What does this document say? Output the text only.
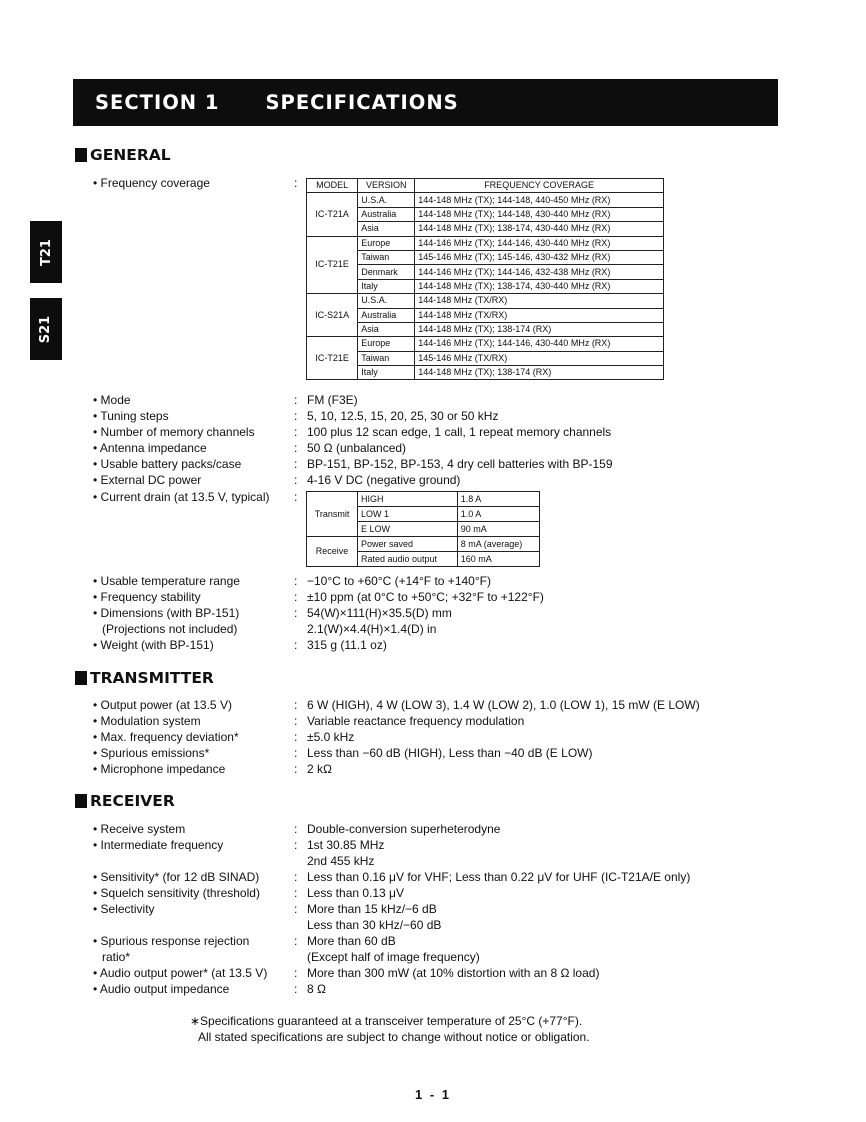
SECTION 1 SPECIFICATIONS
T21
S21
GENERAL
• Frequency coverage	: MODEL	VERSION	FREQUENCY COVERAGE
IC-T21A	U.S.A.	144-148 MHz (TX); 144-148, 440-450 MHz (RX)
	Australia	144-148 MHz (TX); 144-148, 430-440 MHz (RX)
	Asia	144-148 MHz (TX); 138-174, 430-440 MHz (RX)
IC-T21E	Europe	144-146 MHz (TX); 144-146, 430-440 MHz (RX)
	Taiwan	145-146 MHz (TX); 145-146, 430-432 MHz (RX)
	Denmark	144-146 MHz (TX); 144-146, 432-438 MHz (RX)
	Italy	144-148 MHz (TX); 138-174, 430-440 MHz (RX)
IC-S21A	U.S.A.	144-148 MHz (TX/RX)
	Australia	144-148 MHz (TX/RX)
	Asia	144-148 MHz (TX); 138-174 (RX)
IC-T21E	Europe	144-146 MHz (TX); 144-146, 430-440 MHz (RX)
	Taiwan	145-146 MHz (TX/RX)
	Italy	144-148 MHz (TX); 138-174 (RX)
• Mode	: FM (F3E)
• Tuning steps	: 5, 10, 12.5, 15, 20, 25, 30 or 50 kHz
• Number of memory channels	: 100 plus 12 scan edge, 1 call, 1 repeat memory channels
• Antenna impedance	: 50 Ω (unbalanced)
• Usable battery packs/case	: BP-151, BP-152, BP-153, 4 dry cell batteries with BP-159
• External DC power	: 4-16 V DC (negative ground)
• Current drain (at 13.5 V, typical) :
Transmit	HIGH	1.8 A
	LOW 1	1.0 A
	E LOW	90 mA
Receive	Power saved	8 mA (average)
	Rated audio output	160 mA
• Usable temperature range	: −10°C to +60°C (+14°F to +140°F)
• Frequency stability	: ±10 ppm (at 0°C to +50°C; +32°F to +122°F)
• Dimensions (with BP-151)	: 54(W)×111(H)×35.5(D) mm
(Projections not included)	2.1(W)×4.4(H)×1.4(D) in
• Weight (with BP-151)	: 315 g (11.1 oz)
TRANSMITTER
• Output power (at 13.5 V)	: 6 W (HIGH), 4 W (LOW 3), 1.4 W (LOW 2), 1.0 (LOW 1), 15 mW (E LOW)
• Modulation system	: Variable reactance frequency modulation
• Max. frequency deviation*	: ±5.0 kHz
• Spurious emissions*	: Less than −60 dB (HIGH), Less than −40 dB (E LOW)
• Microphone impedance	: 2 kΩ
RECEIVER
• Receive system	: Double-conversion superheterodyne
• Intermediate frequency	: 1st 30.85 MHz
2nd 455 kHz
• Sensitivity* (for 12 dB SINAD)	: Less than 0.16 μV for VHF; Less than 0.22 μV for UHF (IC-T21A/E only)
• Squelch sensitivity (threshold)	: Less than 0.13 μV
• Selectivity	: More than 15 kHz/−6 dB
Less than 30 kHz/−60 dB
• Spurious response rejection	: More than 60 dB
ratio*	(Except half of image frequency)
• Audio output power* (at 13.5 V) : More than 300 mW (at 10% distortion with an 8 Ω load)
• Audio output impedance	: 8 Ω
∗Specifications guaranteed at a transceiver temperature of 25°C (+77°F).
All stated specifications are subject to change without notice or obligation.
1 - 1
